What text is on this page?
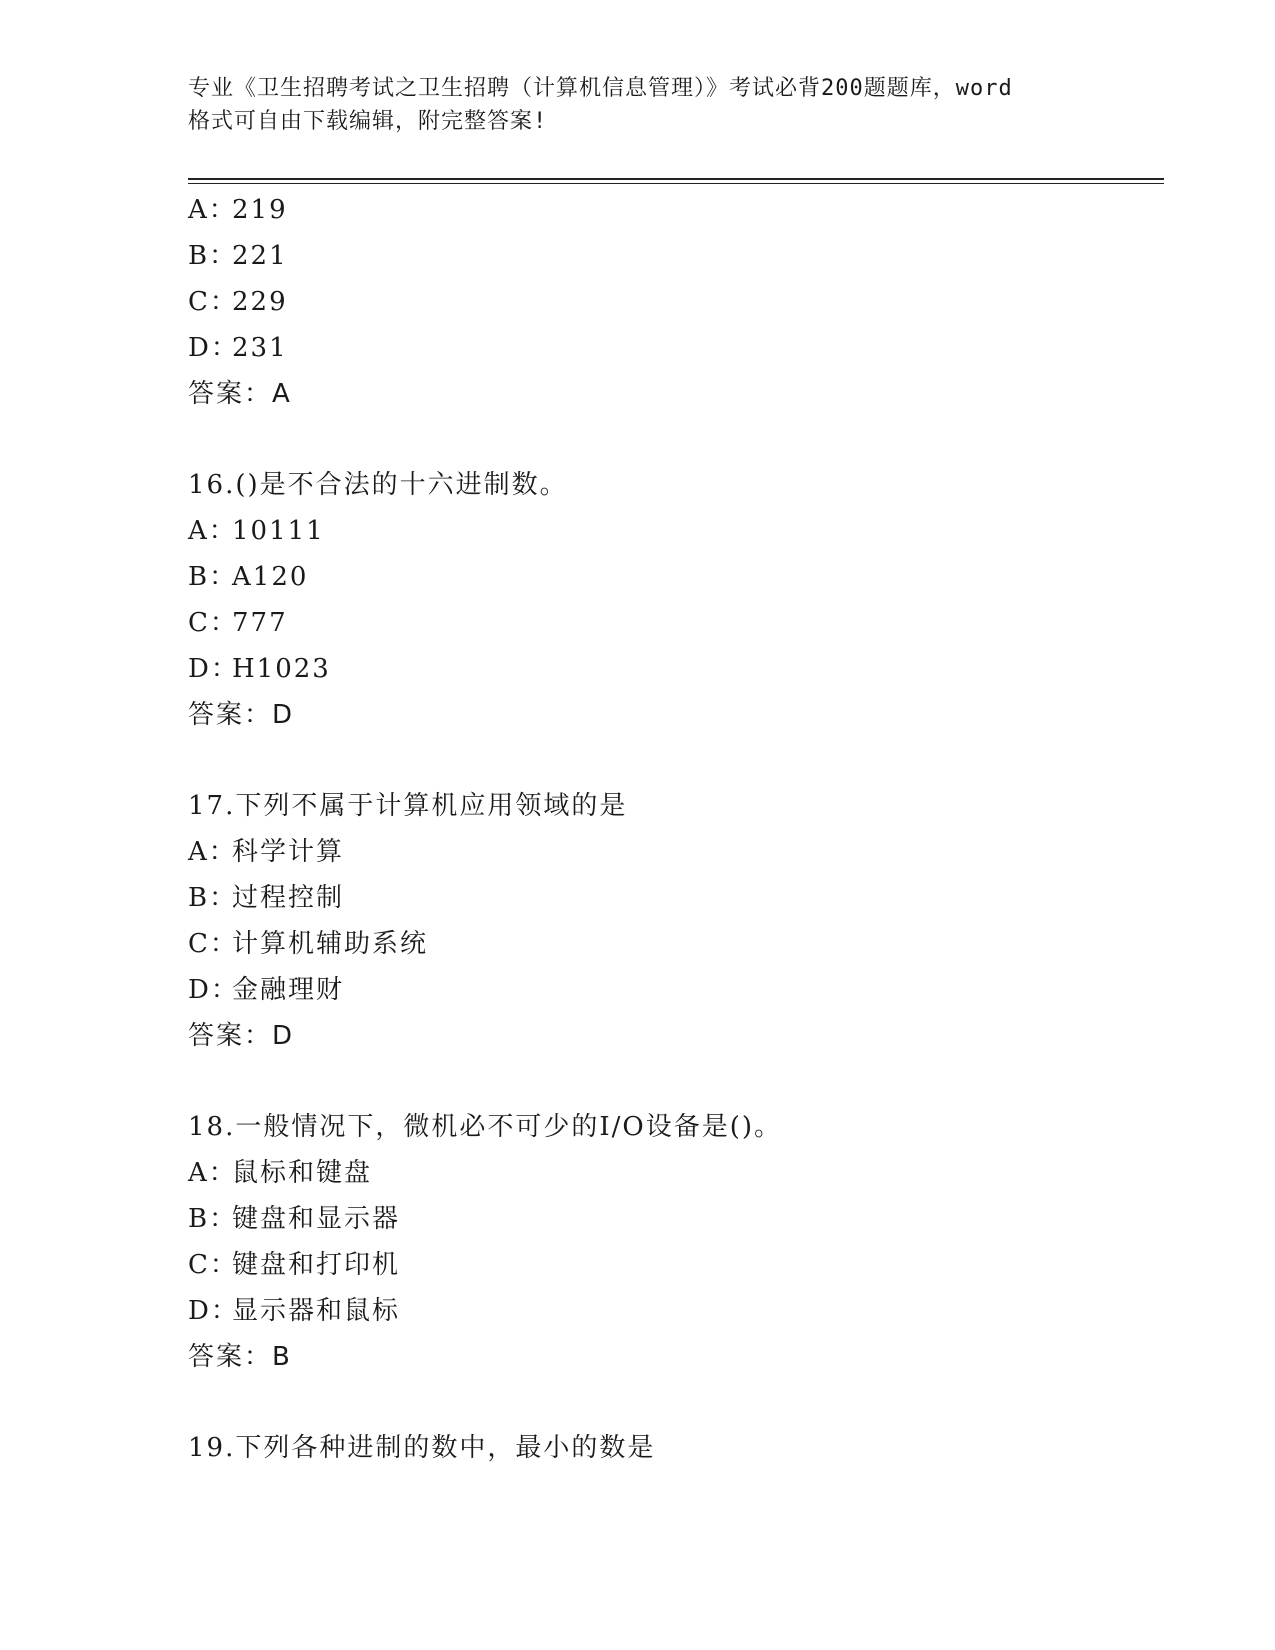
专业《卫生招聘考试之卫生招聘（计算机信息管理）》考试必背200题题库，word
格式可自由下载编辑，附完整答案!
A：219
B：221
C：229
D：231
答案：A
16.()是不合法的十六进制数。
A：10111
B：A120
C：777
D：H1023
答案：D
17.下列不属于计算机应用领域的是
A：科学计算
B：过程控制
C：计算机辅助系统
D：金融理财
答案：D
18.一般情况下，微机必不可少的I/O设备是()。
A：鼠标和键盘
B：键盘和显示器
C：键盘和打印机
D：显示器和鼠标
答案：B
19.下列各种进制的数中，最小的数是
